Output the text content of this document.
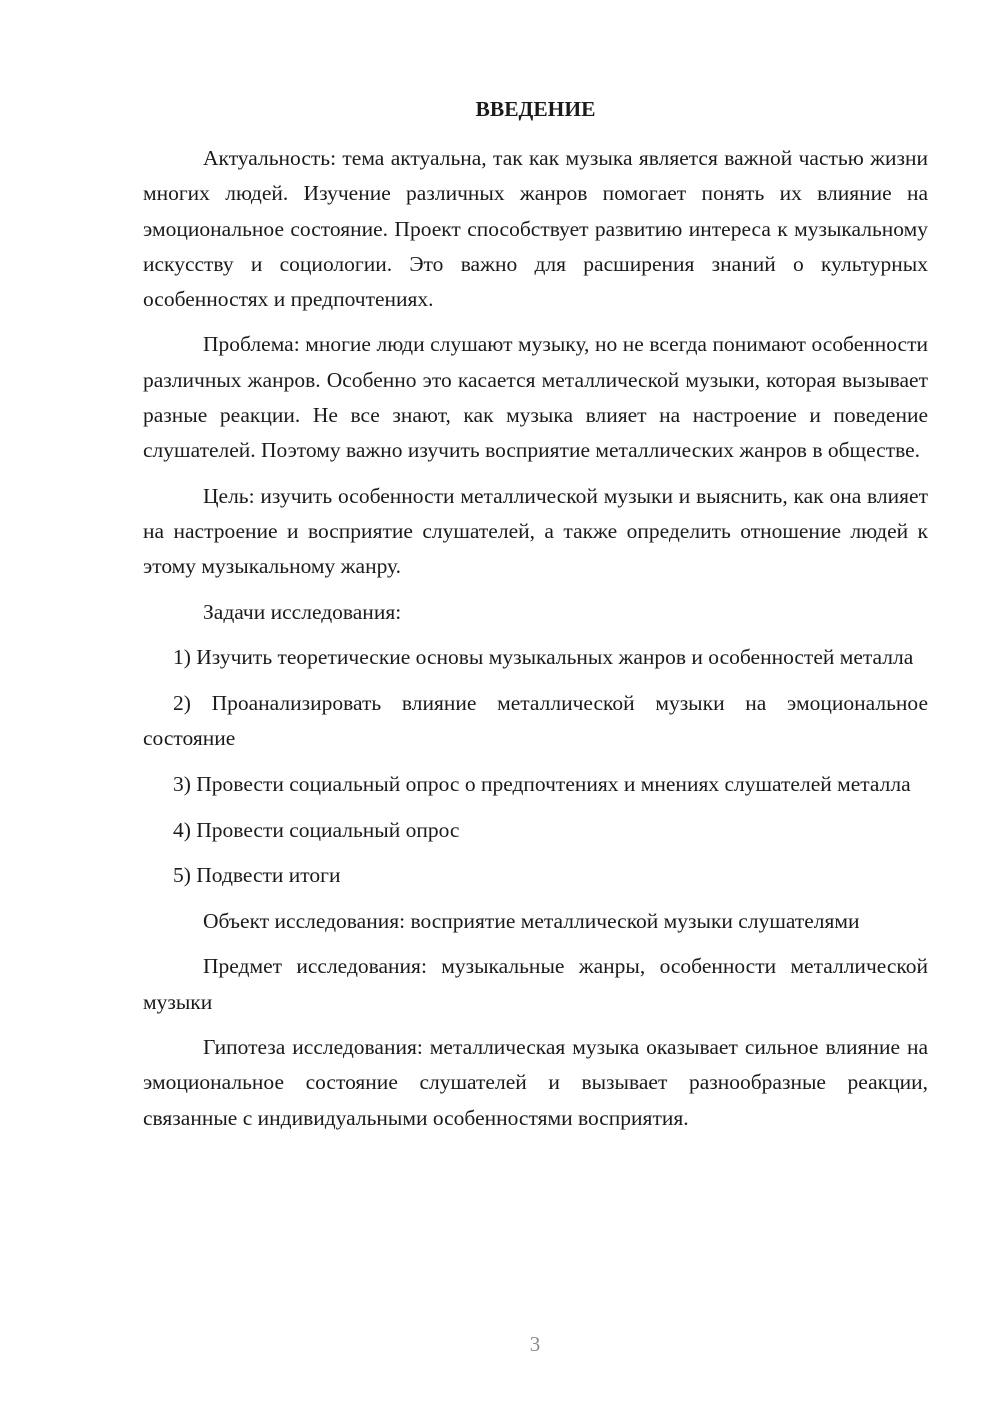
ВВЕДЕНИЕ

Актуальность: тема актуальна, так как музыка является важной частью жизни многих людей. Изучение различных жанров помогает понять их влияние на эмоциональное состояние. Проект способствует развитию интереса к музыкальному искусству и социологии. Это важно для расширения знаний о культурных особенностях и предпочтениях.

Проблема: многие люди слушают музыку, но не всегда понимают особенности различных жанров. Особенно это касается металлической музыки, которая вызывает разные реакции. Не все знают, как музыка влияет на настроение и поведение слушателей. Поэтому важно изучить восприятие металлических жанров в обществе.

Цель: изучить особенности металлической музыки и выяснить, как она влияет на настроение и восприятие слушателей, а также определить отношение людей к этому музыкальному жанру.

Задачи исследования:

1) Изучить теоретические основы музыкальных жанров и особенностей металла

2) Проанализировать влияние металлической музыки на эмоциональное состояние

3) Провести социальный опрос о предпочтениях и мнениях слушателей металла

4) Провести социальный опрос

5) Подвести итоги

Объект исследования: восприятие металлической музыки слушателями

Предмет исследования: музыкальные жанры, особенности металлической музыки

Гипотеза исследования: металлическая музыка оказывает сильное влияние на эмоциональное состояние слушателей и вызывает разнообразные реакции, связанные с индивидуальными особенностями восприятия.

3
